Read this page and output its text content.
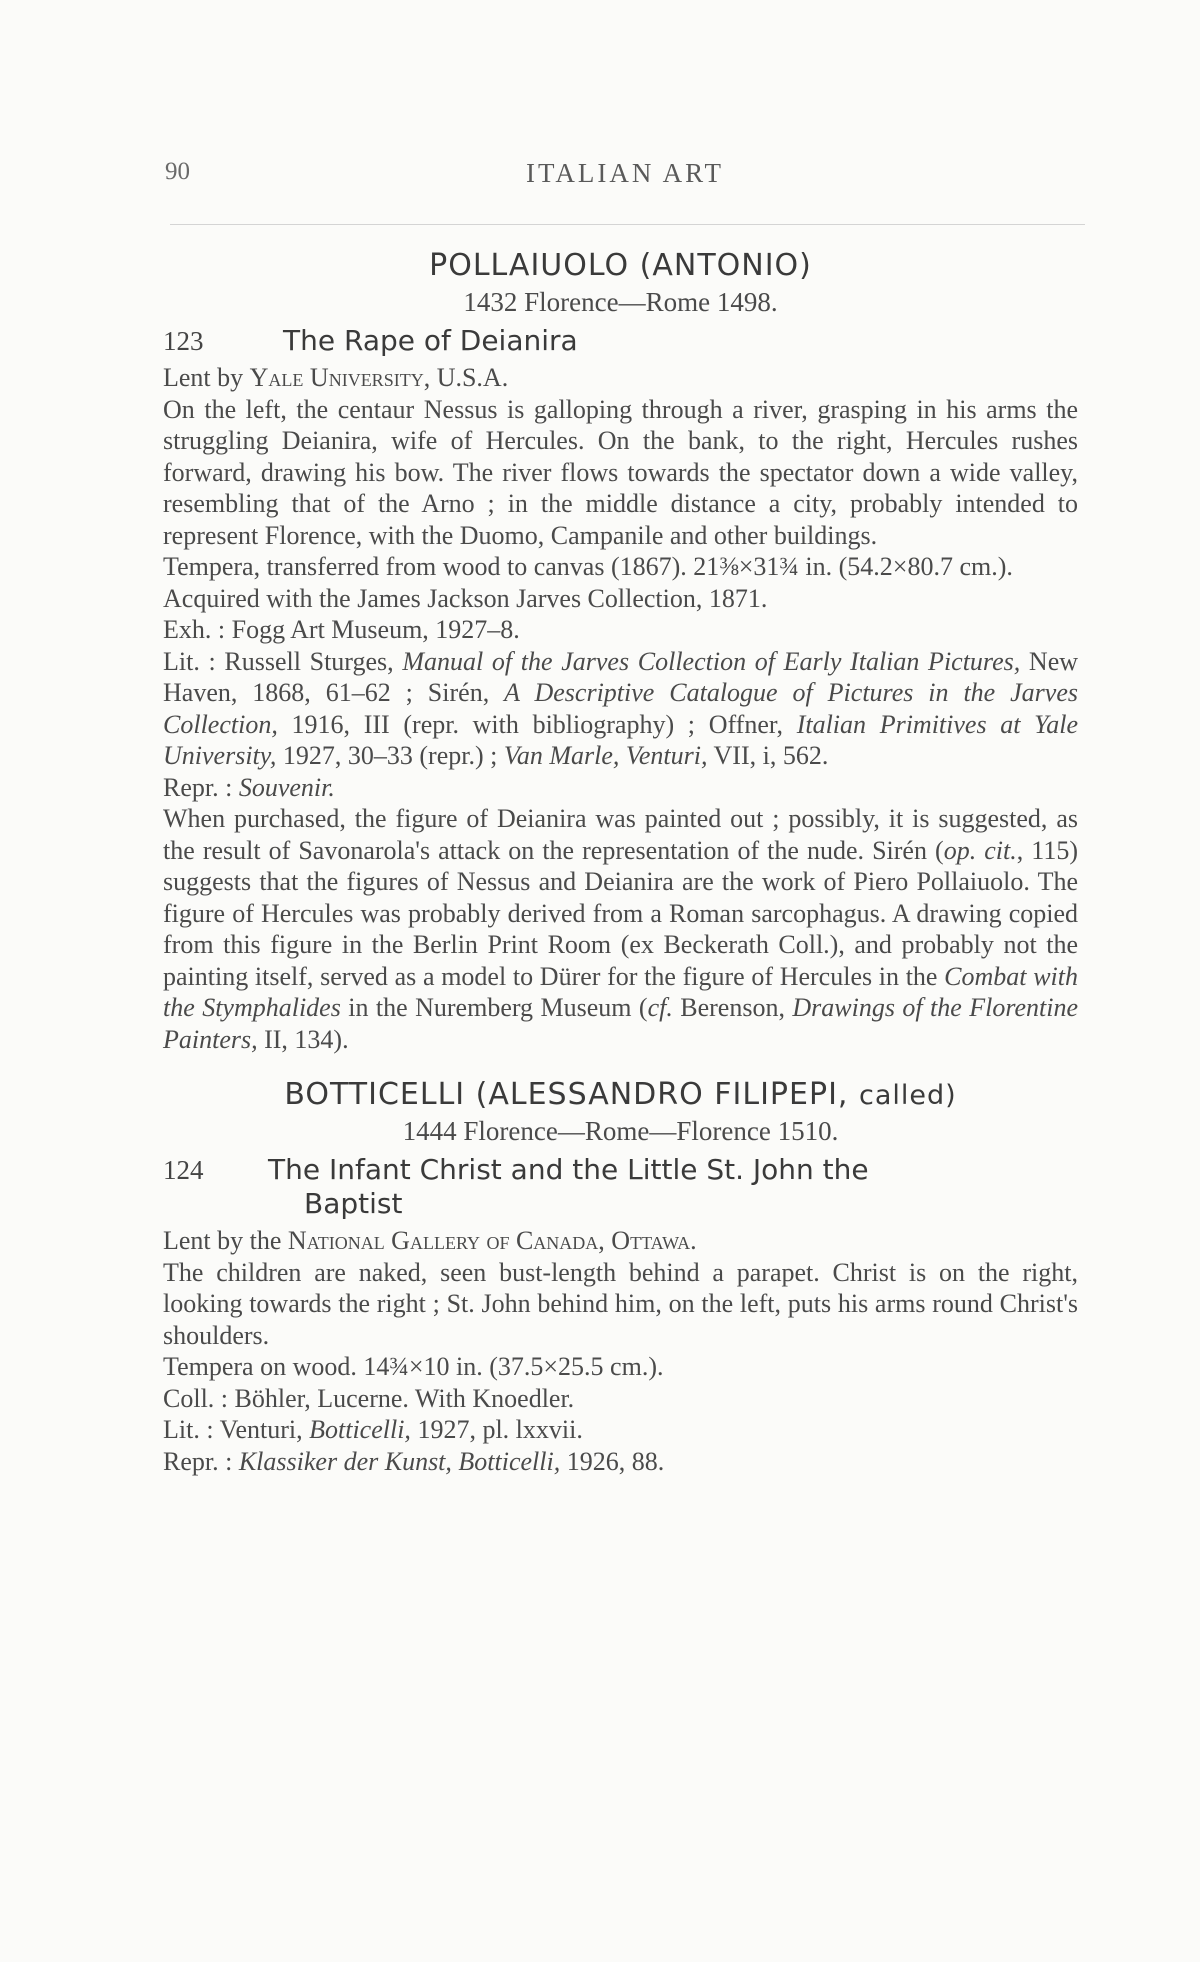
90	ITALIAN ART
POLLAIUOLO (ANTONIO)
1432 Florence—Rome 1498.
123	The Rape of Deianira

Lent by Yale University, U.S.A.

On the left, the centaur Nessus is galloping through a river, grasping in his arms the struggling Deianira, wife of Hercules. On the bank, to the right, Hercules rushes forward, drawing his bow. The river flows towards the spectator down a wide valley, resembling that of the Arno ; in the middle distance a city, probably intended to represent Florence, with the Duomo, Campanile and other buildings.

Tempera, transferred from wood to canvas (1867). 21⅜×31¾ in. (54.2×80.7 cm.).

Acquired with the James Jackson Jarves Collection, 1871.

Exh. : Fogg Art Museum, 1927–8.

Lit. : Russell Sturges, Manual of the Jarves Collection of Early Italian Pictures, New Haven, 1868, 61–62 ; Sirén, A Descriptive Catalogue of Pictures in the Jarves Collection, 1916, III (repr. with bibliography) ; Offner, Italian Primitives at Yale University, 1927, 30–33 (repr.) ; Van Marle, Venturi, VII, i, 562.

Repr. : Souvenir.

When purchased, the figure of Deianira was painted out ; possibly, it is suggested, as the result of Savonarola's attack on the representation of the nude. Sirén (op. cit., 115) suggests that the figures of Nessus and Deianira are the work of Piero Pollaiuolo. The figure of Hercules was probably derived from a Roman sarcophagus. A drawing copied from this figure in the Berlin Print Room (ex Beckerath Coll.), and probably not the painting itself, served as a model to Dürer for the figure of Hercules in the Combat with the Stymphalides in the Nuremberg Museum (cf. Berenson, Drawings of the Florentine Painters, II, 134).

BOTTICELLI (ALESSANDRO FILIPEPI, called)
1444 Florence—Rome—Florence 1510.
124	The Infant Christ and the Little St. John the
Baptist

Lent by the National Gallery of Canada, Ottawa.

The children are naked, seen bust-length behind a parapet. Christ is on the right, looking towards the right ; St. John behind him, on the left, puts his arms round Christ's shoulders.

Tempera on wood. 14¾×10 in. (37.5×25.5 cm.).

Coll. : Böhler, Lucerne. With Knoedler.

Lit. : Venturi, Botticelli, 1927, pl. lxxvii.

Repr. : Klassiker der Kunst, Botticelli, 1926, 88.
